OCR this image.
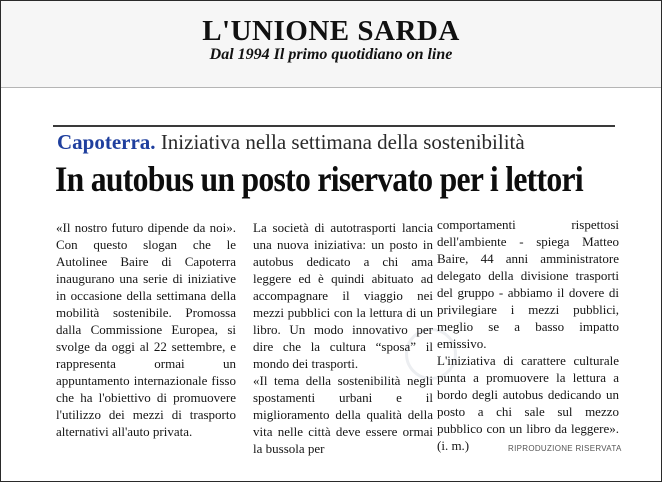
L'UNIONE SARDA
Dal 1994 Il primo quotidiano on line
Capoterra. Iniziativa nella settimana della sostenibilità
In autobus un posto riservato per i lettori

«Il nostro futuro dipende da noi». Con questo slogan che le Autolinee Baire di Capoterra inaugurano una serie di iniziative in occasione della settimana della mobilità sostenibile. Promossa dalla Commissione Europea, si svolge da oggi al 22 settembre, e rappresenta ormai un appuntamento internazionale fisso che ha l'obiettivo di promuovere l'utilizzo dei mezzi di trasporto alternativi all'auto privata.

La società di autotrasporti lancia una nuova iniziativa: un posto in autobus dedicato a chi ama leggere ed è quindi abituato ad accompagnare il viaggio nei mezzi pubblici con la lettura di un libro. Un modo innovativo per dire che la cultura “sposa” il mondo dei trasporti.

«Il tema della sostenibilità negli spostamenti urbani e il miglioramento della qualità della vita nelle città deve essere ormai la bussola per

comportamenti rispettosi dell'ambiente - spiega Matteo Baire, 44 anni amministratore delegato della divisione trasporti del gruppo - abbiamo il dovere di privilegiare i mezzi pubblici, meglio se a basso impatto emissivo.

L'iniziativa di carattere culturale punta a promuovere la lettura a bordo degli autobus dedicando un posto a chi sale sul mezzo pubblico con un libro da leggere». (i. m.)	RIPRODUZIONE RISERVATA
